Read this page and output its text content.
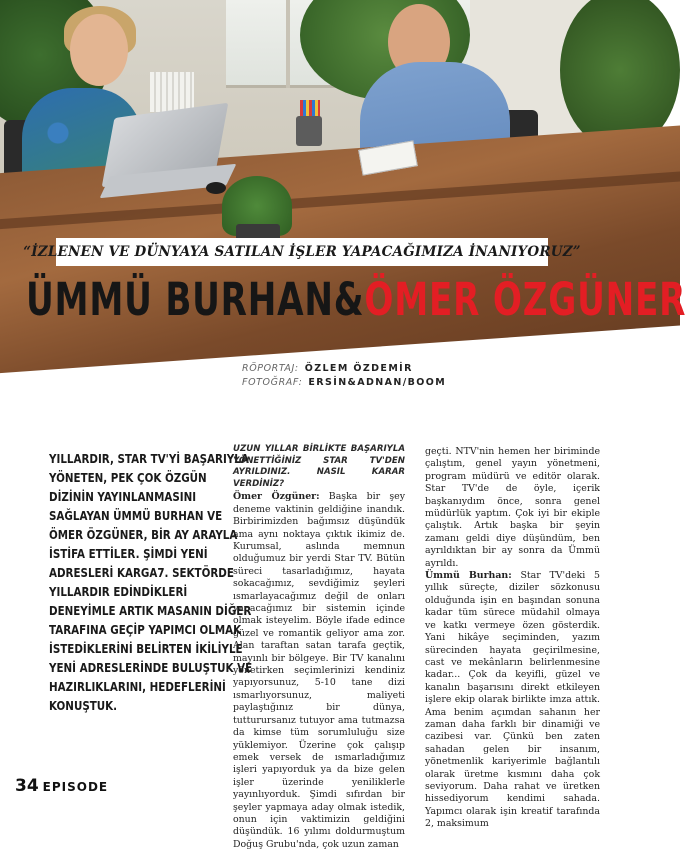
“İZLENEN VE DÜNYAYA SATILAN İŞLER YAPACAĞIMIZA İNANIYORUZ”
ÜMMÜ BURHAN & ÖMER ÖZGÜNER
RÖPORTAJ: ÖZLEM ÖZDEMİR
FOTOĞRAF: ERSİN&ADNAN/BOOM

YILLARDIR, STAR TV'Yİ BAŞARIYLA YÖNETEN, PEK ÇOK ÖZGÜN DİZİNİN YAYINLANMASINI SAĞLAYAN ÜMMÜ BURHAN VE ÖMER ÖZGÜNER, BİR AY ARAYLA İSTİFA ETTİLER. ŞİMDİ YENİ ADRESLERİ KARGA7. SEKTÖRDE YILLARDIR EDİNDİKLERİ DENEYİMLE ARTIK MASANIN DİĞER TARAFINA GEÇİP YAPIMCI OLMAK İSTEDİKLERİNİ BELİRTEN İKİLİYLE YENİ ADRESLERİNDE BULUŞTUK VE HAZIRLIKLARINI, HEDEFLERİNİ KONUŞTUK.

UZUN YILLAR BİRLİKTE BAŞARIYLA YÖNETTİĞİNİZ STAR TV'DEN AYRILDINIZ. NASIL KARAR VERDİNİZ?

Ömer Özgüner: Başka bir şey deneme vaktinin geldiğine inandık. Birbirimizden bağımsız düşündük ama aynı noktaya çıktık ikimiz de. Kurumsal, aslında memnun olduğumuz bir yerdi Star TV. Bütün süreci tasarladığımız, hayata sokacağımız, sevdiğimiz şeyleri ısmarlayacağımız değil de onları yapacağımız bir sistemin içinde olmak isteyelim. Böyle ifade edince güzel ve romantik geliyor ama zor. Alan taraftan satan tarafa geçtik, mayınlı bir bölgeye. Bir TV kanalını yönetirken seçimlerinizi kendiniz yapıyorsunuz, 5-10 tane dizi ısmarlıyorsunuz, maliyeti paylaştığınız bir dünya, tutturursanız tutuyor ama tutmazsa da kimse tüm sorumluluğu size yüklemiyor. Üzerine çok çalışıp emek versek de ısmarladığımız işleri yapıyorduk ya da bize gelen işler üzerinde yeniliklerle yayınlıyorduk. Şimdi sıfırdan bir şeyler yapmaya aday olmak istedik, onun için vaktimizin geldiğini düşündük. 16 yılımı doldurmuştum Doğuş Grubu'nda, çok uzun zaman

geçti. NTV'nin hemen her biriminde çalıştım, genel yayın yönetmeni, program müdürü ve editör olarak. Star TV'de de öyle, içerik başkanıydım önce, sonra genel müdürlük yaptım. Çok iyi bir ekiple çalıştık. Artık başka bir şeyin zamanı geldi diye düşündüm, ben ayrıldıktan bir ay sonra da Ümmü ayrıldı.

Ümmü Burhan: Star TV'deki 5 yıllık süreçte, diziler sözkonusu olduğunda işin en başından sonuna kadar tüm sürece müdahil olmaya ve katkı vermeye özen gösterdik. Yani hikâye seçiminden, yazım sürecinden hayata geçirilmesine, cast ve mekânların belirlenmesine kadar... Çok da keyifli, güzel ve kanalın başarısını direkt etkileyen işlere ekip olarak birlikte imza attık. Ama benim açımdan sahanın her zaman daha farklı bir dinamiği ve cazibesi var. Çünkü ben zaten sahadan gelen bir insanım, yönetmenlik kariyerimle bağlantılı olarak üretme kısmını daha çok seviyorum. Daha rahat ve üretken hissediyorum kendimi sahada. Yapımcı olarak işin kreatif tarafında 2, maksimum

34 EPISODE
